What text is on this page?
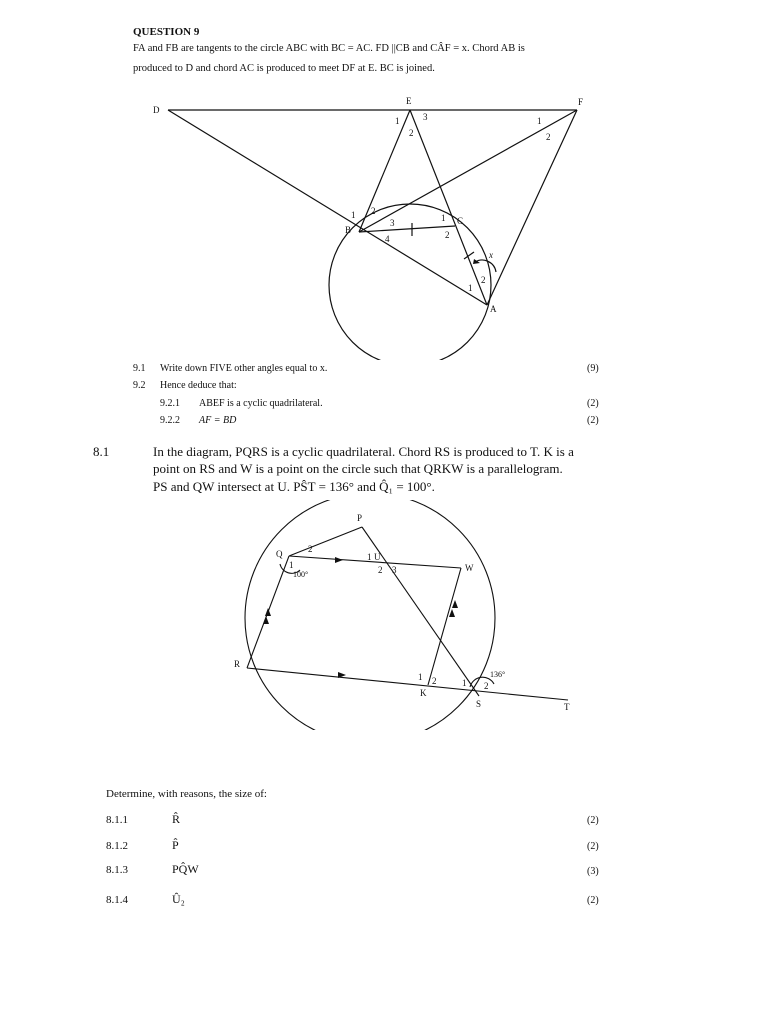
QUESTION 9
FA and FB are tangents to the circle ABC with BC = AC. FD ||CB and CÂF = x. Chord AB is
produced to D and chord AC is produced to meet DF at E. BC is joined.
D
E	F
B
C
A
x
1
2
3	1
2
1 2
3
4
1
2
1
2
9.1 Write down FIVE other angles equal to x.	(9)
9.2 Hence deduce that:
9.2.1 ABEF is a cyclic quadrilateral.	(2)
9.2.2 AF = BD	(2)
8.1	In the diagram, PQRS is a cyclic quadrilateral. Chord RS is produced to T. K is a
point on RS and W is a point on the circle such that QRKW is a parallelogram.
PS and QW intersect at U. PŜT = 136° and Q̂₁ = 100°.
P
Q
R
S	T
W
U
K
1
2
1
2 3
1 2	1 2
100°
136°
Determine, with reasons, the size of:
8.1.1	R̂	(2)
8.1.2	P̂	(2)
8.1.3	PQ̂W	(3)
8.1.4	Û₂	(2)
